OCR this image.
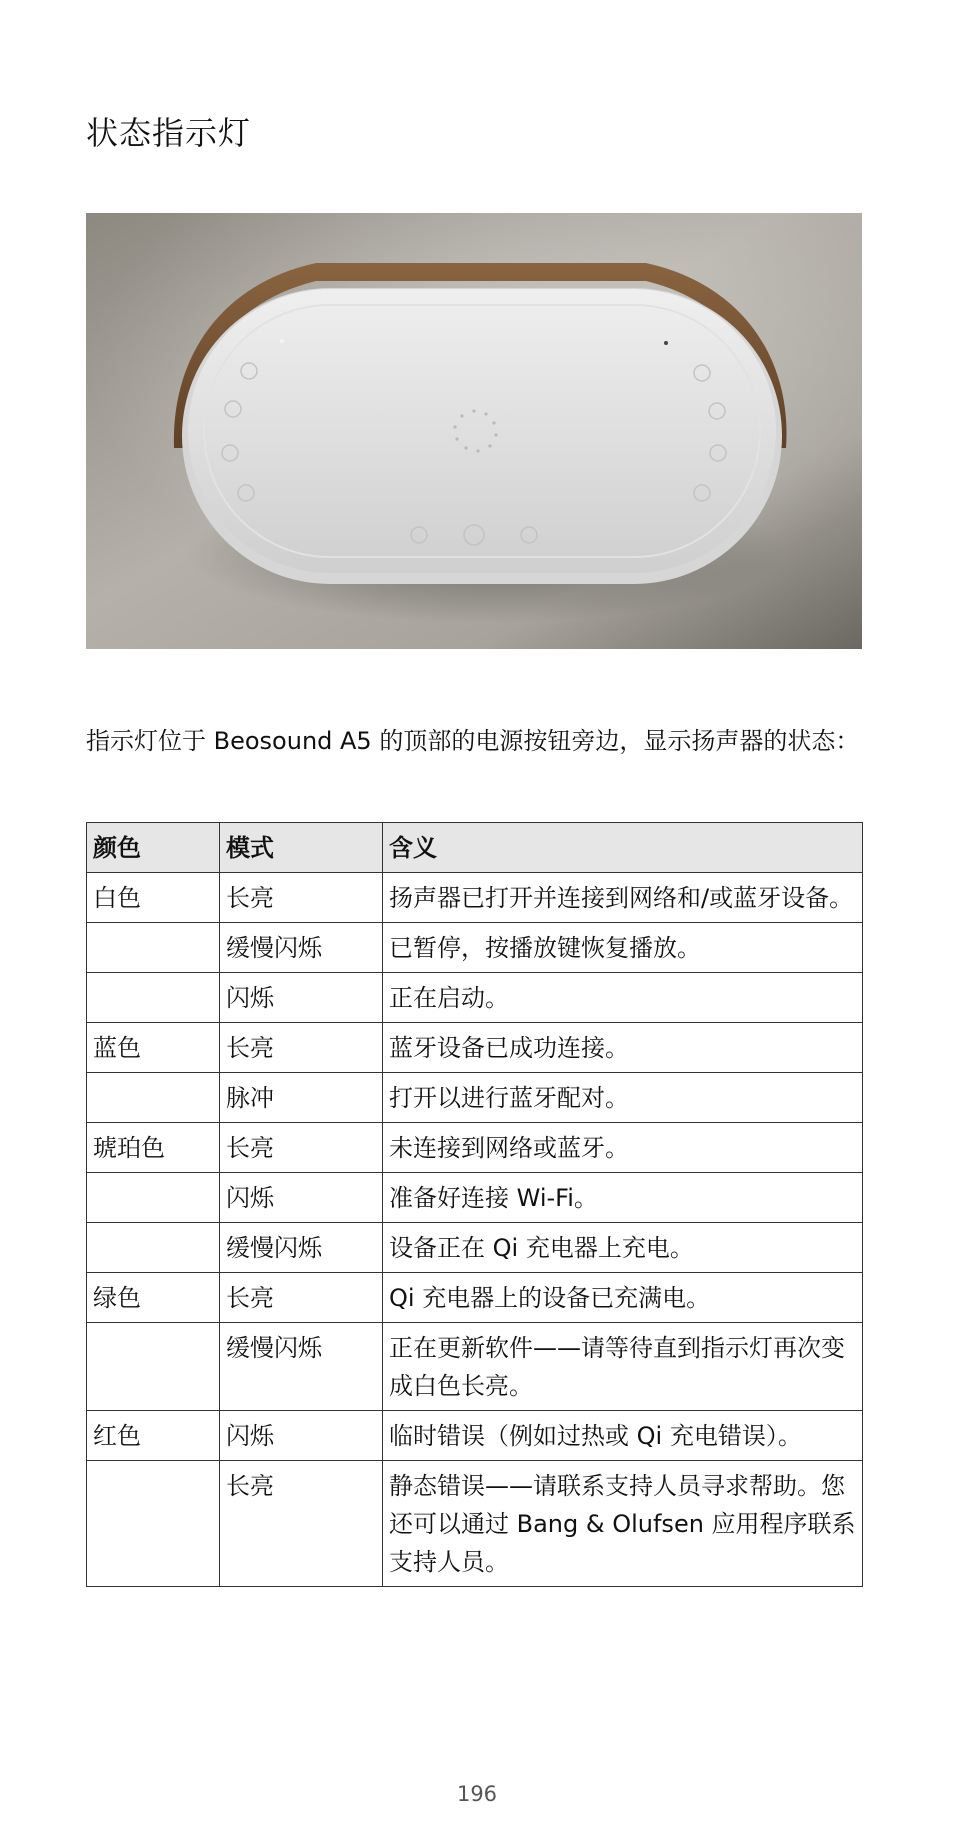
状态指示灯

指示灯位于 Beosound A5 的顶部的电源按钮旁边，显示扬声器的状态：

颜色	模式	含义
白色	长亮	扬声器已打开并连接到网络和/或蓝牙设备。
	缓慢闪烁	已暂停，按播放键恢复播放。
	闪烁	正在启动。
蓝色	长亮	蓝牙设备已成功连接。
	脉冲	打开以进行蓝牙配对。
琥珀色	长亮	未连接到网络或蓝牙。
	闪烁	准备好连接 Wi-Fi。
	缓慢闪烁	设备正在 Qi 充电器上充电。
绿色	长亮	Qi 充电器上的设备已充满电。
	缓慢闪烁	正在更新软件——请等待直到指示灯再次变成白色长亮。
红色	闪烁	临时错误（例如过热或 Qi 充电错误）。
	长亮	静态错误——请联系支持人员寻求帮助。您还可以通过 Bang & Olufsen 应用程序联系支持人员。
196
